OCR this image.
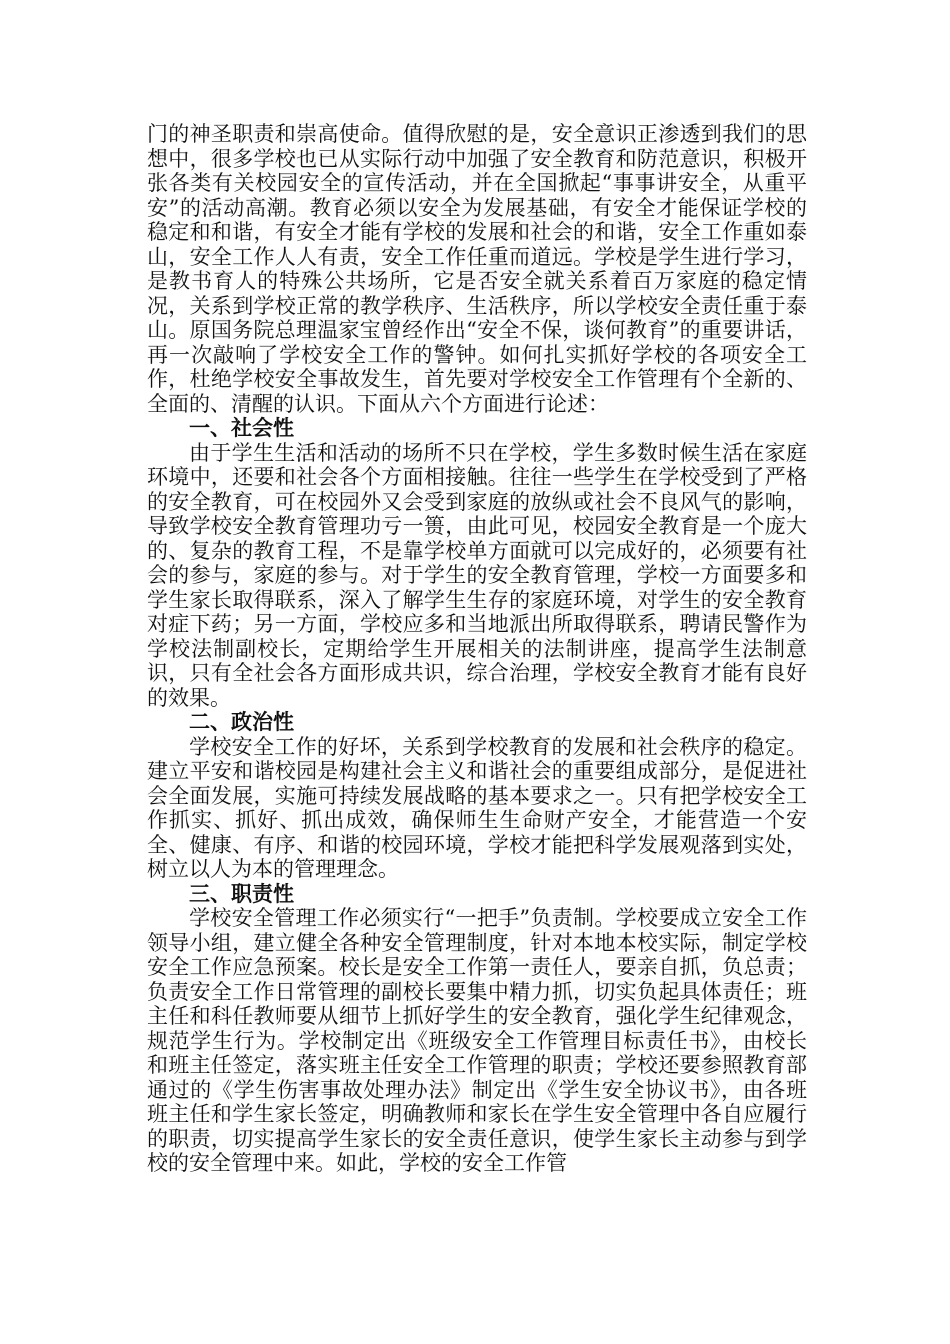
门的神圣职责和崇高使命。值得欣慰的是，安全意识正渗透到我们的思想中，很多学校也已从实际行动中加强了安全教育和防范意识，积极开张各类有关校园安全的宣传活动，并在全国掀起“事事讲安全，从重平安”的活动高潮。教育必须以安全为发展基础，有安全才能保证学校的稳定和和谐，有安全才能有学校的发展和社会的和谐，安全工作重如泰山，安全工作人人有责，安全工作任重而道远。学校是学生进行学习，是教书育人的特殊公共场所，它是否安全就关系着百万家庭的稳定情况，关系到学校正常的教学秩序、生活秩序，所以学校安全责任重于泰山。原国务院总理温家宝曾经作出“安全不保，谈何教育”的重要讲话，再一次敲响了学校安全工作的警钟。如何扎实抓好学校的各项安全工作，杜绝学校安全事故发生，首先要对学校安全工作管理有个全新的、全面的、清醒的认识。下面从六个方面进行论述：

一、社会性

由于学生生活和活动的场所不只在学校，学生多数时候生活在家庭环境中，还要和社会各个方面相接触。往往一些学生在学校受到了严格的安全教育，可在校园外又会受到家庭的放纵或社会不良风气的影响，导致学校安全教育管理功亏一篑，由此可见，校园安全教育是一个庞大的、复杂的教育工程，不是靠学校单方面就可以完成好的，必须要有社会的参与，家庭的参与。对于学生的安全教育管理，学校一方面要多和学生家长取得联系，深入了解学生生存的家庭环境，对学生的安全教育对症下药；另一方面，学校应多和当地派出所取得联系，聘请民警作为学校法制副校长，定期给学生开展相关的法制讲座，提高学生法制意识，只有全社会各方面形成共识，综合治理，学校安全教育才能有良好的效果。

二、政治性

学校安全工作的好坏，关系到学校教育的发展和社会秩序的稳定。建立平安和谐校园是构建社会主义和谐社会的重要组成部分，是促进社会全面发展，实施可持续发展战略的基本要求之一。只有把学校安全工作抓实、抓好、抓出成效，确保师生生命财产安全，才能营造一个安全、健康、有序、和谐的校园环境，学校才能把科学发展观落到实处，树立以人为本的管理理念。

三、职责性

学校安全管理工作必须实行“一把手”负责制。学校要成立安全工作领导小组，建立健全各种安全管理制度，针对本地本校实际，制定学校安全工作应急预案。校长是安全工作第一责任人，要亲自抓，负总责；负责安全工作日常管理的副校长要集中精力抓，切实负起具体责任；班主任和科任教师要从细节上抓好学生的安全教育，强化学生纪律观念，规范学生行为。学校制定出《班级安全工作管理目标责任书》，由校长和班主任签定，落实班主任安全工作管理的职责；学校还要参照教育部通过的《学生伤害事故处理办法》制定出《学生安全协议书》，由各班班主任和学生家长签定，明确教师和家长在学生安全管理中各自应履行的职责，切实提高学生家长的安全责任意识，使学生家长主动参与到学校的安全管理中来。如此，学校的安全工作管
